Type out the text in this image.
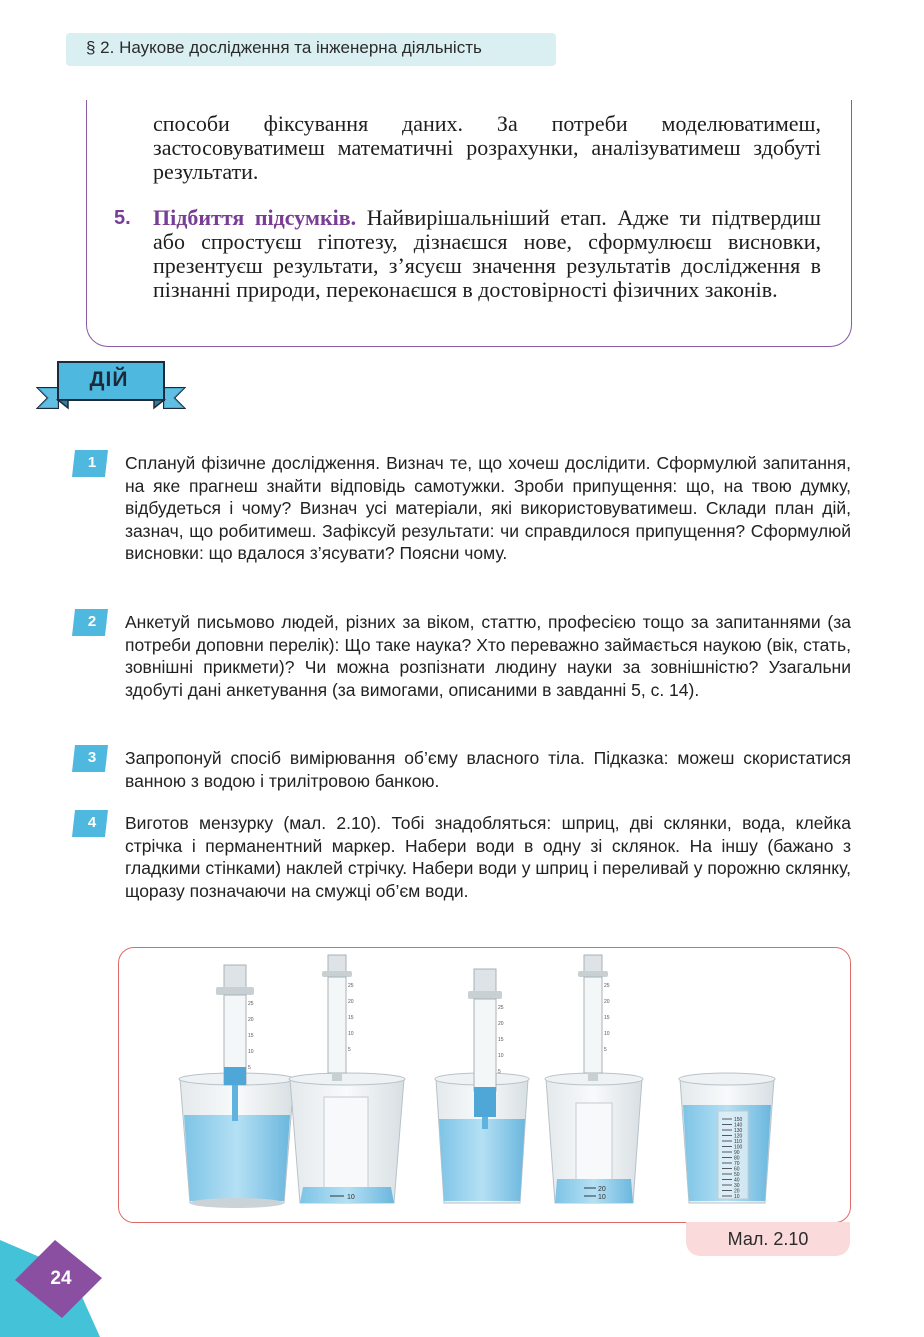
§ 2. Наукове дослідження та інженерна діяльність
способи фіксування даних. За потреби моделюватимеш, застосовуватимеш математичні розрахунки, аналізуватимеш здобуті результати.
5. Підбиття підсумків. Найвирішальніший етап. Адже ти підтвердиш або спростуєш гіпотезу, дізнаєшся нове, сформулюєш висновки, презентуєш результати, з’ясуєш значення результатів дослідження в пізнанні природи, переконаєшся в достовірності фізичних законів.
ДІЙ
1	Сплануй фізичне дослідження. Визнач те, що хочеш дослідити. Сформулюй запитання, на яке прагнеш знайти відповідь самотужки. Зроби припущення: що, на твою думку, відбудеться і чому? Визнач усі матеріали, які використовуватимеш. Склади план дій, зазнач, що робитимеш. Зафіксуй результати: чи справдилося припущення? Сформулюй висновки: що вдалося з’ясувати? Поясни чому.
2	Анкетуй письмово людей, різних за віком, статтю, професією тощо за запитаннями (за потреби доповни перелік): Що таке наука? Хто переважно займається наукою (вік, стать, зовнішні прикмети)? Чи можна розпізнати людину науки за зовнішністю? Узагальни здобуті дані анкетування (за вимогами, описаними в завданні 5, с. 14).
3	Запропонуй спосіб вимірювання об’єму власного тіла. Підказка: можеш скористатися ванною з водою і трилітровою банкою.
4	Виготов мензурку (мал. 2.10). Тобі знадобляться: шприц, дві склянки, вода, клейка стрічка і перманентний маркер. Набери води в одну зі склянок. На іншу (бажано з гладкими стінками) наклей стрічку. Набери води у шприц і переливай у порожню склянку, щоразу позначаючи на смужці об’єм води.
10
20
10
150
140
130
120
110
100
90
80
70
60
50
40
30
20
10
25
20
15
10
5
25
20
15
10
5
25
20
15
10
5
25
20
15
10
5
Мал. 2.10
24
